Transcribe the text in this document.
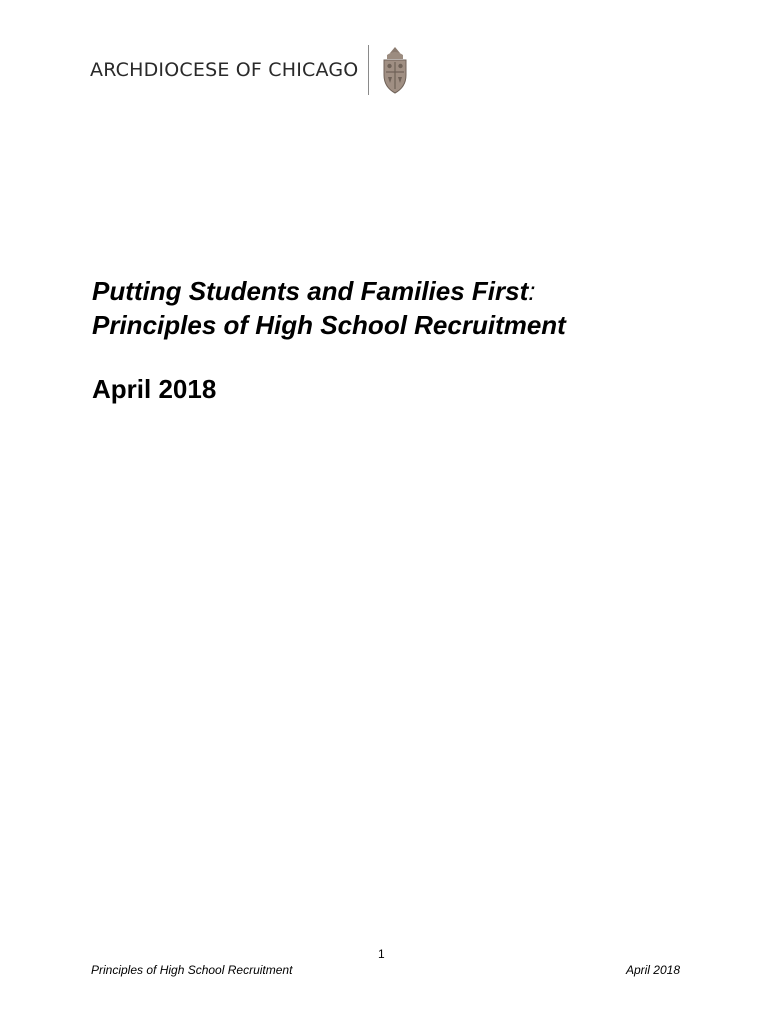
ARCHDIOCESE OF CHICAGO
Putting Students and Families First:
Principles of High School Recruitment
April 2018
1
Principles of High School Recruitment	April 2018
